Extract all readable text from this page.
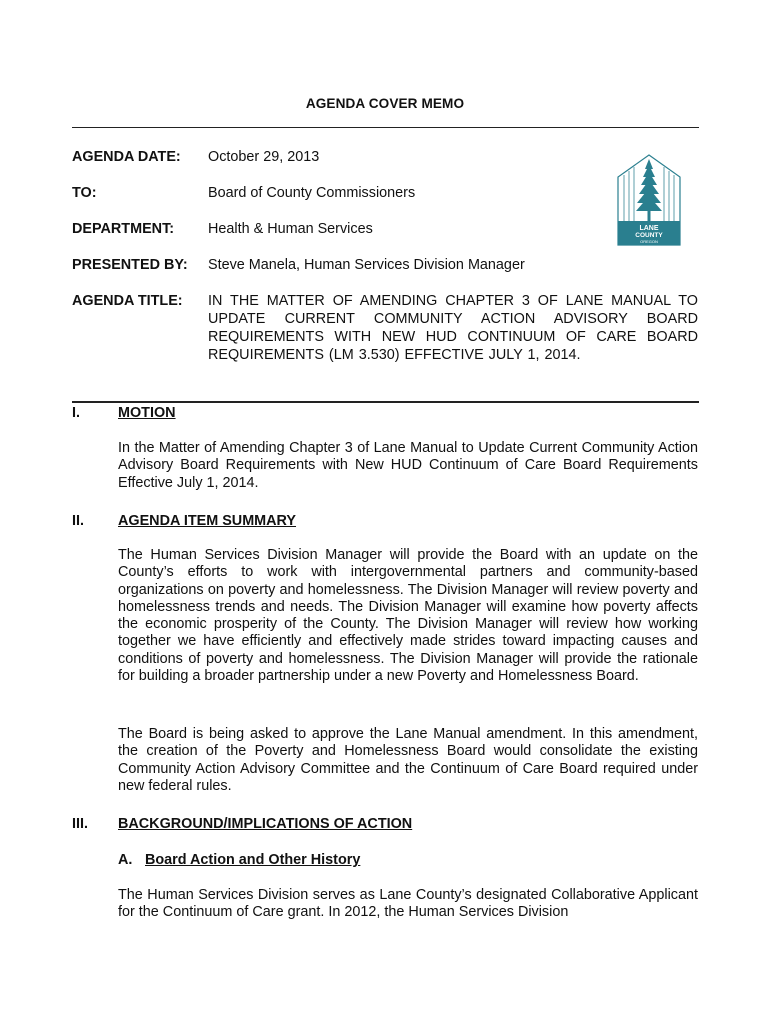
AGENDA COVER MEMO
AGENDA DATE: October 29, 2013
TO:	Board of County Commissioners
DEPARTMENT: Health & Human Services
PRESENTED BY: Steve Manela, Human Services Division Manager
AGENDA TITLE: IN THE MATTER OF AMENDING CHAPTER 3 OF LANE MANUAL TO UPDATE CURRENT COMMUNITY ACTION ADVISORY BOARD REQUIREMENTS WITH NEW HUD CONTINUUM OF CARE BOARD REQUIREMENTS (LM 3.530) EFFECTIVE JULY 1, 2014.
LANE
COUNTY
OREGON
I.	MOTION
In the Matter of Amending Chapter 3 of Lane Manual to Update Current Community Action Advisory Board Requirements with New HUD Continuum of Care Board Requirements Effective July 1, 2014.
II. AGENDA ITEM SUMMARY
The Human Services Division Manager will provide the Board with an update on the County’s efforts to work with intergovernmental partners and community-based organizations on poverty and homelessness. The Division Manager will review poverty and homelessness trends and needs. The Division Manager will examine how poverty affects the economic prosperity of the County. The Division Manager will review how working together we have efficiently and effectively made strides toward impacting causes and conditions of poverty and homelessness. The Division Manager will provide the rationale for building a broader partnership under a new Poverty and Homelessness Board.
The Board is being asked to approve the Lane Manual amendment. In this amendment, the creation of the Poverty and Homelessness Board would consolidate the existing Community Action Advisory Committee and the Continuum of Care Board required under new federal rules.
III. BACKGROUND/IMPLICATIONS OF ACTION
A. Board Action and Other History
The Human Services Division serves as Lane County’s designated Collaborative Applicant for the Continuum of Care grant. In 2012, the Human Services Division
